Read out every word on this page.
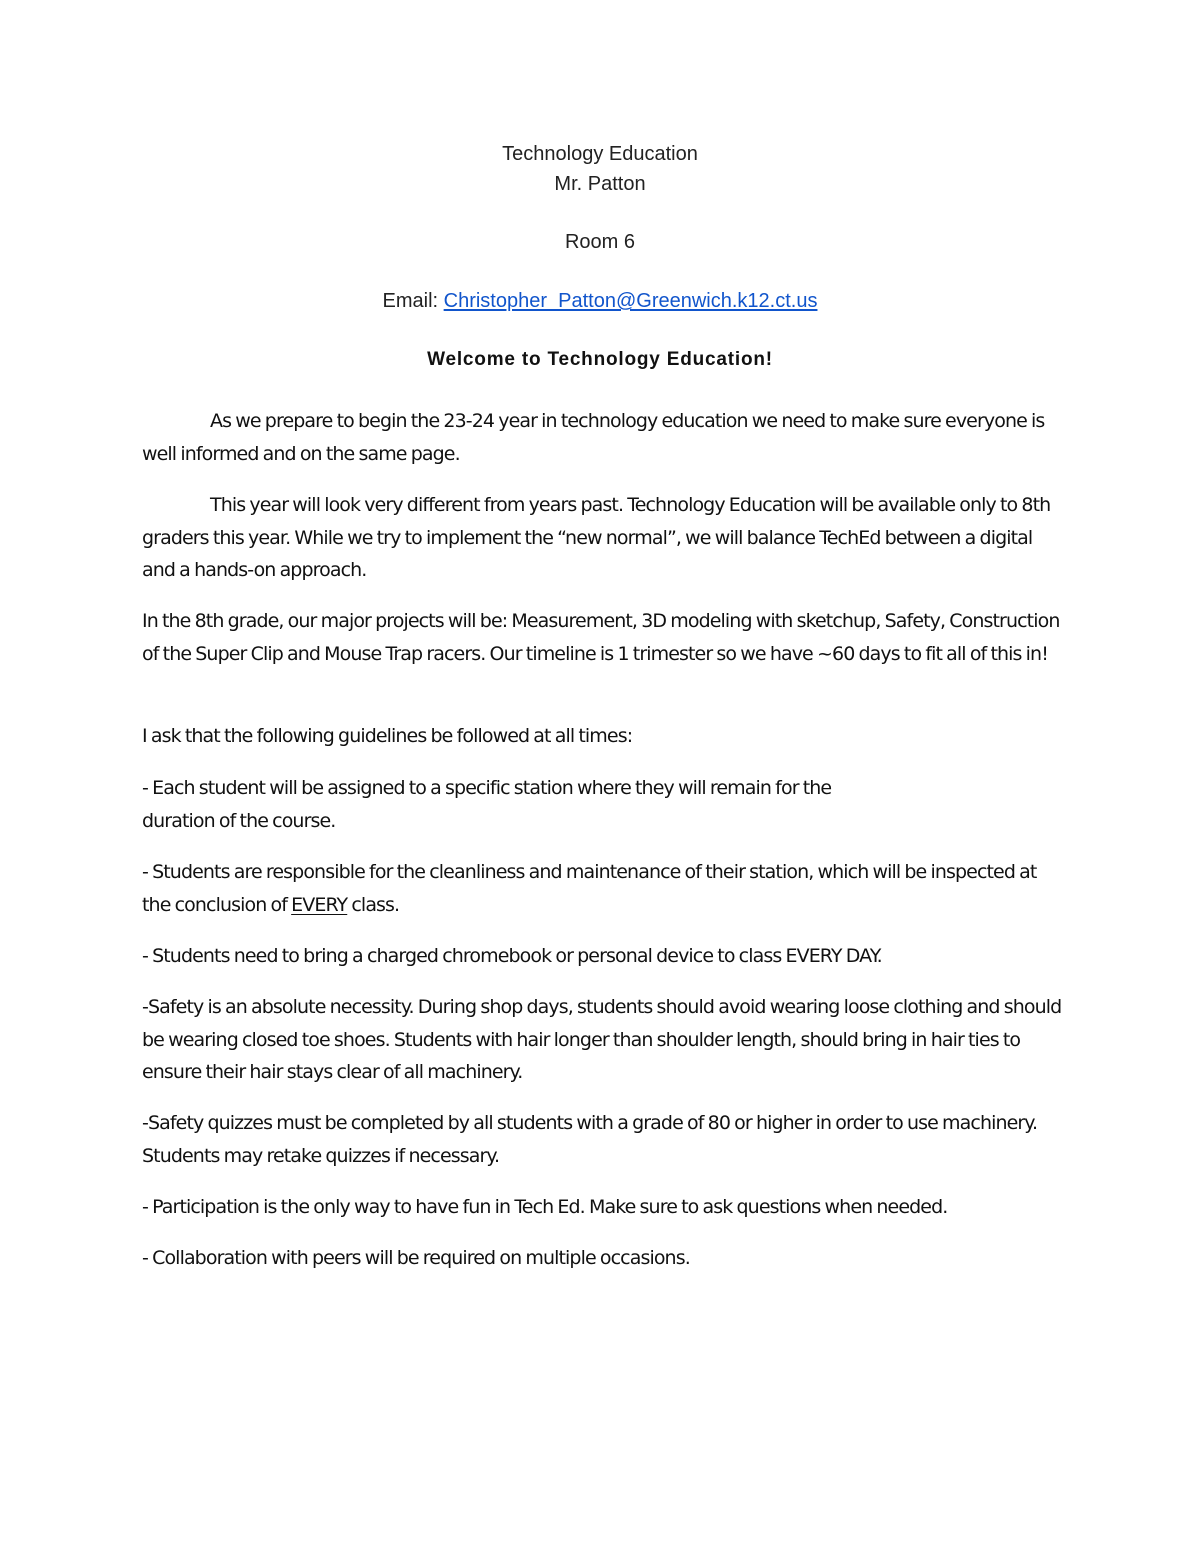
Technology Education
Mr. Patton
Room 6
Email: Christopher_Patton@Greenwich.k12.ct.us
Welcome to Technology Education!

As we prepare to begin the 23-24 year in technology education we need to make sure everyone is well informed and on the same page.

This year will look very different from years past. Technology Education will be available only to 8th graders this year. While we try to implement the “new normal”, we will balance TechEd between a digital and a hands-on approach.

In the 8th grade, our major projects will be: Measurement, 3D modeling with sketchup, Safety, Construction of the Super Clip and Mouse Trap racers. Our timeline is 1 trimester so we have ~60 days to fit all of this in!

I ask that the following guidelines be followed at all times:

- Each student will be assigned to a specific station where they will remain for the

duration of the course.

- Students are responsible for the cleanliness and maintenance of their station, which will be inspected at the conclusion of EVERY class.

- Students need to bring a charged chromebook or personal device to class EVERY DAY.

-Safety is an absolute necessity. During shop days, students should avoid wearing loose clothing and should be wearing closed toe shoes. Students with hair longer than shoulder length, should bring in hair ties to ensure their hair stays clear of all machinery.

-Safety quizzes must be completed by all students with a grade of 80 or higher in order to use machinery. Students may retake quizzes if necessary.

- Participation is the only way to have fun in Tech Ed. Make sure to ask questions when needed.

- Collaboration with peers will be required on multiple occasions.
